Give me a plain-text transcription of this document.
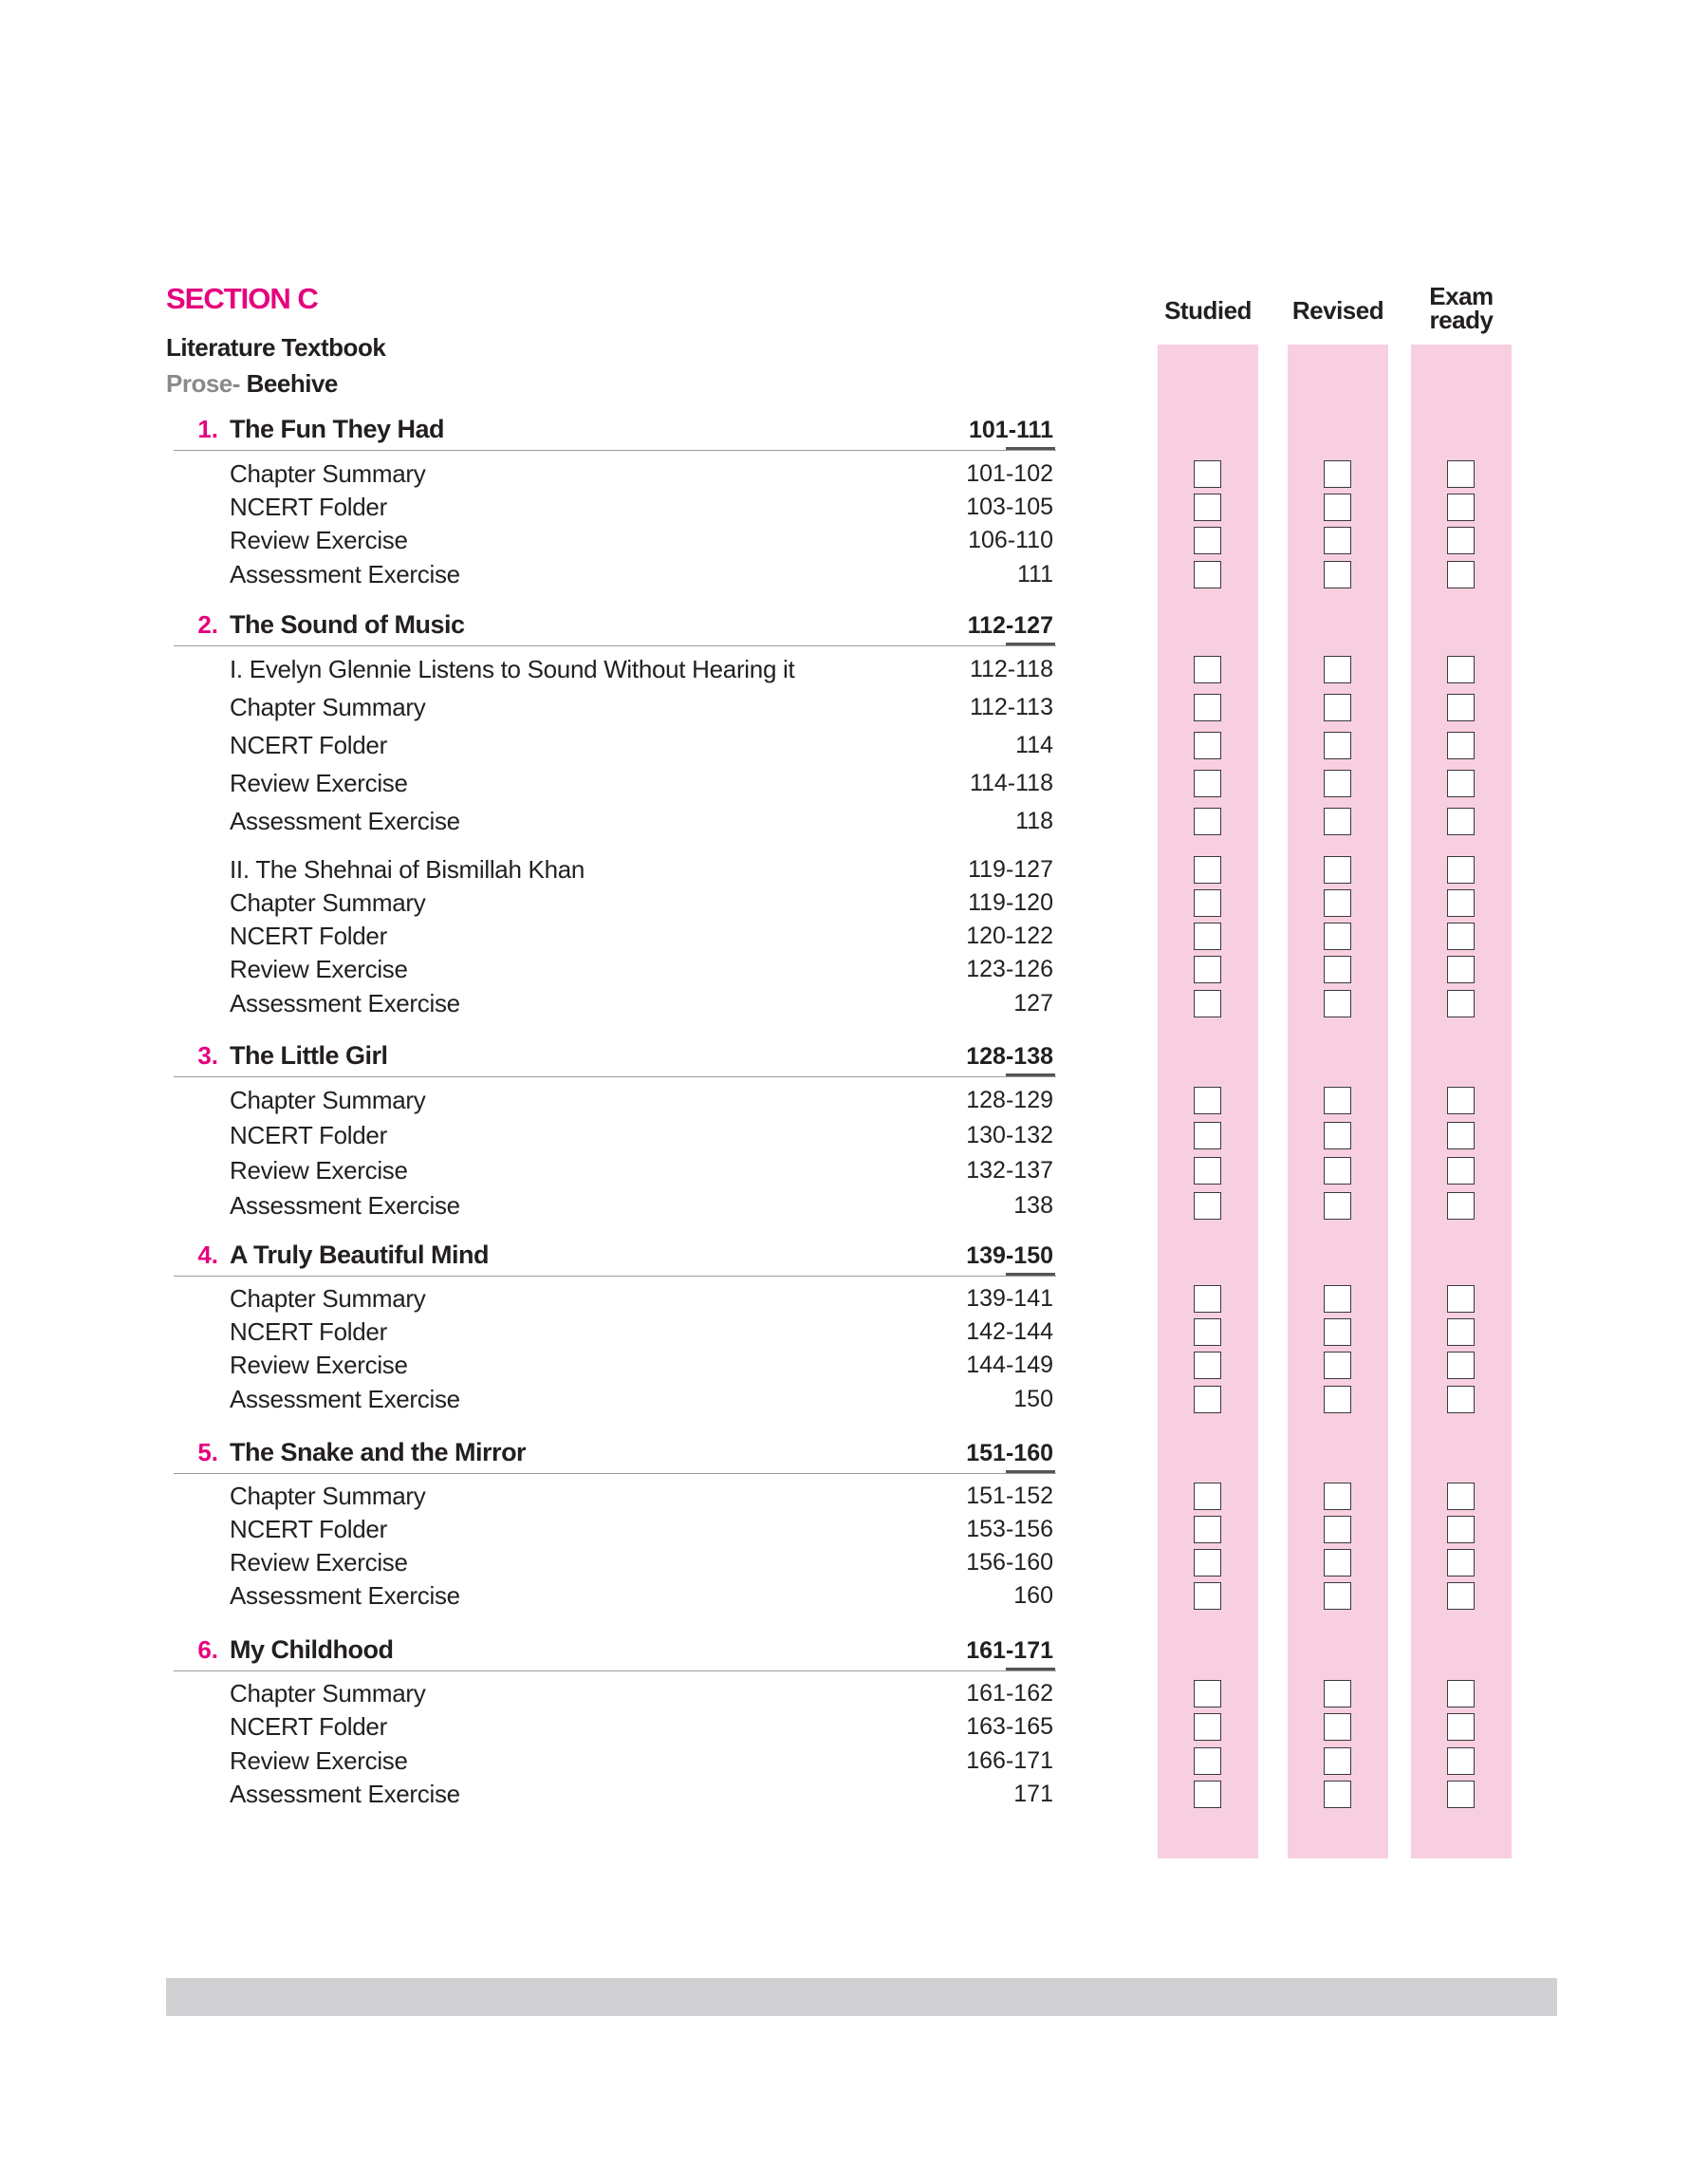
SECTION C
Literature Textbook
Prose- Beehive
Studied	Revised	Exam ready
1. The Fun They Had	101-111
Chapter Summary	101-102
NCERT Folder	103-105
Review Exercise	106-110
Assessment Exercise	111
2. The Sound of Music	112-127
I. Evelyn Glennie Listens to Sound Without Hearing it	112-118
Chapter Summary	112-113
NCERT Folder	114
Review Exercise	114-118
Assessment Exercise	118
II. The Shehnai of Bismillah Khan	119-127
Chapter Summary	119-120
NCERT Folder	120-122
Review Exercise	123-126
Assessment Exercise	127
3. The Little Girl	128-138
Chapter Summary	128-129
NCERT Folder	130-132
Review Exercise	132-137
Assessment Exercise	138
4. A Truly Beautiful Mind	139-150
Chapter Summary	139-141
NCERT Folder	142-144
Review Exercise	144-149
Assessment Exercise	150
5. The Snake and the Mirror	151-160
Chapter Summary	151-152
NCERT Folder	153-156
Review Exercise	156-160
Assessment Exercise	160
6. My Childhood	161-171
Chapter Summary	161-162
NCERT Folder	163-165
Review Exercise	166-171
Assessment Exercise	171
